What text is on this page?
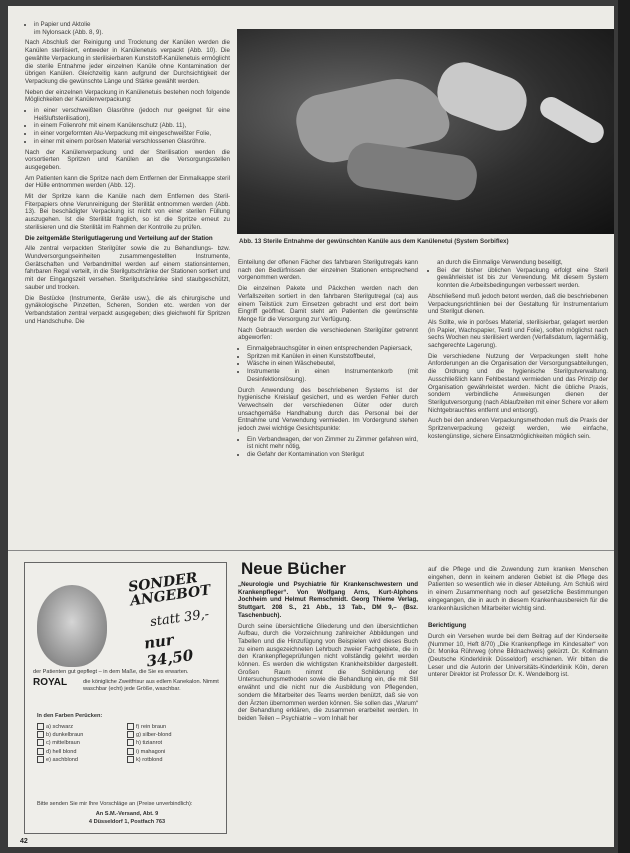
• in Papier und Aktolie
im Nylonsack (Abb. 8, 9).

Nach Abschluß der Reinigung und Trocknung der Kanülen werden die Kanülen sterilisiert, entweder in Kanülenetuis verpackt (Abb. 10). Die gewählte Verpackung in sterilisierbaren Kunststoff-Kanülenetuis ermöglicht die sterile Entnahme jeder einzelnen Kanüle ohne Kontamination der übrigen Kanülen. Gleichzeitig kann aufgrund der Durchsichtigkeit der Verpackung die gewünschte Länge und Stärke gewählt werden.

Neben der einzelnen Verpackung in Kanülenetuis bestehen noch folgende Möglichkeiten der Kanülenverpackung:

• in einer verschweißten Glasröhre (jedoch nur geeignet für eine Heißluftsterilisation),
• in einem Folienrohr mit einem Kanülenschutz (Abb. 11),
• in einer vorgeformten Alu-Verpackung mit eingeschweißter Folie,
• in einer mit einem porösen Material verschlossenen Glasröhre.

Nach der Kanülenverpackung und der Sterilisation werden die vorsortierten Spritzen und Kanülen an die Versorgungsstellen ausgegeben.

Am Patienten kann die Spritze nach dem Entfernen der Einmalkappe steril der Hülle entnommen werden (Abb. 12).

Mit der Spritze kann die Kanüle nach dem Entfernen des Steril-Fiterpapiers ohne Verunreinigung der Sterilität entnommen werden (Abb. 13). Bei beschädigter Verpackung ist nicht von einer sterilen Füllung auszugehen. Ist die Sterilität fraglich, so ist die Spritze erneut zu sterilisieren und die Sterilität im Rahmen der Kontrolle zu prüfen.

Die zeitgemäße Sterilgutlagerung und Verteilung auf der Station

Alle zentral verpackten Sterilgüter sowie die zu Behandlungs- bzw. Wundversorgungseinheiten zusammengestellten Instrumente, Gerätschaften und Verbandmittel werden auf einem stationsinternen, fahrbaren Regal verteilt, in die Sterilgutschränke der Stationen sortiert und mit der Eingangszeit versehen. Sterilgutschränke sind staubgeschützt, sauber und trocken.

Die Bestücke (Instrumente, Geräte usw.), die als chirurgische und gynäkologische Pinzetten, Scheren, Sonden etc. werden von der Verbandstation zentral verpackt ausgegeben; dies gleichwohl für Spritzen und Handschuhe. Die

Abb. 13 Sterile Entnahme der gewünschten Kanüle aus dem Kanülenetui (System Sorbiflex)

Einteilung der offenen Fächer des fahrbaren Sterilgutregals kann nach den Bedürfnissen der einzelnen Stationen entsprechend vorgenommen werden.

Die einzelnen Pakete und Päckchen werden nach den Verfallszeiten sortiert in den fahrbaren Sterilgutregal (ca) aus einem Teilstück zum Einsetzen gebracht und erst dort beim Eingriff geöffnet. Damit steht am Patienten die gewünschte Menge für die Versorgung zur Verfügung.

Nach Gebrauch werden die verschiedenen Sterilgüter getrennt abgeworfen:

• Einmalgebrauchsgüter in einen entsprechenden Papiersack,
• Spritzen mit Kanülen in einen Kunststoffbeutel,
• Wäsche in einen Wäschebeutel,
• Instrumente in einen Instrumentenkorb (mit Desinfektionslösung).

Durch Anwendung des beschriebenen Systems ist der hygienische Kreislauf gesichert, und es werden Fehler durch Verwechseln der verschiedenen Güter oder durch unsachgemäße Handhabung durch das Personal bei der Entnahme und Verwendung vermieden. Im Vordergrund stehen jedoch zwei wichtige Gesichtspunkte:

• Ein Verbandwagen, der von Zimmer zu Zimmer gefahren wird, ist nicht mehr nötig,
• die Gefahr der Kontamination von Sterilgut
an durch die Einmalige Verwendung beseitigt,
• Bei der bisher üblichen Verpackung erfolgt eine Steril gewährleistet ist bis zur Verwendung. Mit diesem System konnten die Arbeitsbedingungen verbessert werden.

Abschließend muß jedoch betont werden, daß die beschriebenen Verpackungsrichtlinien bei der Gestaltung für Instrumentarium und Sterilgut dienen.

Als Sollte, wie in poröses Material, sterilisierbar, gelagert werden (in Papier, Wachspapier, Textil und Folie), sollten möglichst nach sechs Wochen neu sterilisiert werden (Verfallsdatum, lagermäßig, sachgerechte Lagerung).

Die verschiedene Nutzung der Verpackungen stellt hohe Anforderungen an die Organisation der Versorgungsabteilungen, die Ordnung und die hygienische Sterilgutverwaltung. Ausschließlich kann Fehlbestand vermieden und das Prinzip der Organisation gewährleistet werden. Nicht die übliche Praxis, sondern verbindliche Anweisungen dienen der Sterilgutversorgung (nach Ablaufzeiten mit einer Schere vor allem Nichtgebrauchtes entfernt und entsorgt).

Auch bei den anderen Verpackungsmethoden muß die Praxis der Spritzenverpackung gezeigt werden, wie einfache, kostengünstige, sichere Einsatzmöglichkeiten möglich sein.

Neue Bücher

„Neurologie und Psychiatrie für Krankenschwestern und Krankenpfleger“. Von Wolfgang Arns, Kurt-Alphons Jochheim und Helmut Remschmidt. Georg Thieme Verlag, Stuttgart. 208 S., 21 Abb., 13 Tab., DM 9,– (Bsz. Taschenbuch).

Durch seine übersichtliche Gliederung und den übersichtlichen Aufbau, durch die Vorzeichnung zahlreicher Abbildungen und Tabellen und die Hinzufügung von Beispielen wird dieses Buch zu einem ausgezeichneten Lehrbuch zweier Fachgebiete, die in den Krankenpflegeprüfungen nicht vollständig gelehrt werden können. Es werden die wichtigsten Krankheitsbilder dargestellt. Großen Raum nimmt die Schilderung der Untersuchungsmethoden sowie die Behandlung ein, die mit Stil erwähnt und die nicht nur die Ausbildung von Pflegenden, sondern die Mitarbeiter des Teams werden benützt, daß sie von den Ärzten übernommen werden können. Sie sollen das „Warum“ der Behandlung erklären, die zusammen erarbeitet werden. In beiden Teilen – Psychiatrie – vom Inhalt her

auf die Pflege und die Zuwendung zum kranken Menschen eingehen, denn in keinem anderen Gebiet ist die Pflege des Patienten so wesentlich wie in dieser Abteilung. Am Schluß wird in einem Zusammenhang noch auf gesetzliche Bestimmungen eingegangen, die in auch in diesem Krankenhausbereich für die krankenhäuslichen Mitarbeiter wichtig sind.

Berichtigung

Durch ein Versehen wurde bei dem Beitrag auf der Kinderseite (Nummer 10, Heft 8/70) „Die Krankenpflege im Kindesalter“ von Dr. Monika Rührweg (ohne Bildnachweis) gekürzt. Dr. Kollmann (Deutsche Kinderklinik Düsseldorf) erschienen. Wir bitten die Leser und die Autorin der Universitäts-Kinderklinik Köln, deren unterer Direktor ist Professor Dr. K. Wendelborg ist.

SONDER ANGEBOT
statt 39,-
nur 34,50
der Patienten gut gepflegt – in dem Maße, die Sie es erwarten.
ROYAL	die königliche Zweitfrisur aus edlem Kanekalon. Nimmt waschbar (echt) jede Größe, waschbar.
In den Farben Perücken:
a) schwarz	f) rein braun
b) dunkelbraun	g) silber-blond
c) mittelbraun	h) tizianrot
d) hell blond	i) mahagoni
e) aschblond	k) rotblond
Bitte senden Sie mir Ihre Vorschläge an (Preise unverbindlich):
An S.M.-Versand, Abt. 9
4 Düsseldorf 1, Postfach 763
42
